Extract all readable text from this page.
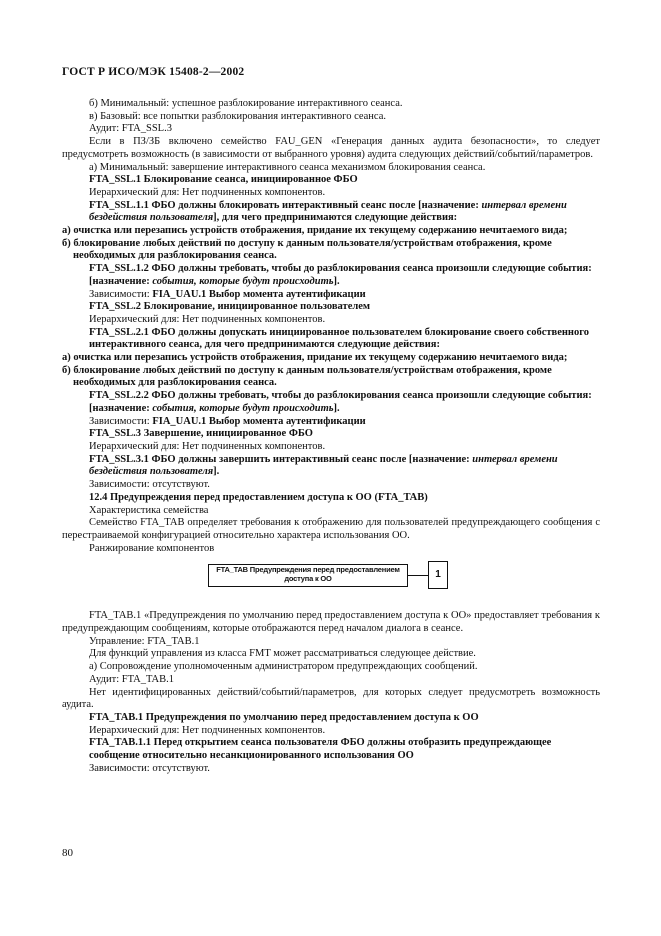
ГОСТ Р ИСО/МЭК 15408-2—2002

б) Минимальный: успешное разблокирование интерактивного сеанса.

в) Базовый: все попытки разблокирования интерактивного сеанса.

Аудит: FTA_SSL.3

Если в ПЗ/ЗБ включено семейство FAU_GEN «Генерация данных аудита безопасности», то следует предусмотреть возможность (в зависимости от выбранного уровня) аудита следующих действий/событий/параметров.

а) Минимальный: завершение интерактивного сеанса механизмом блокирования сеанса.

FTA_SSL.1 Блокирование сеанса, инициированное ФБО

Иерархический для: Нет подчиненных компонентов.

FTA_SSL.1.1 ФБО должны блокировать интерактивный сеанс после [назначение: интервал времени бездействия пользователя], для чего предпринимаются следующие действия:

а) очистка или перезапись устройств отображения, придание их текущему содержанию нечитаемого вида;

б) блокирование любых действий по доступу к данным пользователя/устройствам отображения, кроме необходимых для разблокирования сеанса.

FTA_SSL.1.2 ФБО должны требовать, чтобы до разблокирования сеанса произошли следующие события: [назначение: события, которые будут происходить].

Зависимости: FIA_UAU.1 Выбор момента аутентификации

FTA_SSL.2 Блокирование, инициированное пользователем

Иерархический для: Нет подчиненных компонентов.

FTA_SSL.2.1 ФБО должны допускать инициированное пользователем блокирование своего собственного интерактивного сеанса, для чего предпринимаются следующие действия:

а) очистка или перезапись устройств отображения, придание их текущему содержанию нечитаемого вида;

б) блокирование любых действий по доступу к данным пользователя/устройствам отображения, кроме необходимых для разблокирования сеанса.

FTA_SSL.2.2 ФБО должны требовать, чтобы до разблокирования сеанса произошли следующие события: [назначение: события, которые будут происходить].

Зависимости: FIA_UAU.1 Выбор момента аутентификации

FTA_SSL.3 Завершение, инициированное ФБО

Иерархический для: Нет подчиненных компонентов.

FTA_SSL.3.1 ФБО должны завершить интерактивный сеанс после [назначение: интервал времени бездействия пользователя].

Зависимости: отсутствуют.

12.4 Предупреждения перед предоставлением доступа к ОО (FTA_TAB)

Характеристика семейства

Семейство FTA_TAB определяет требования к отображению для пользователей предупреждающего сообщения с перестраиваемой конфигурацией относительно характера использования ОО.

Ранжирование компонентов

FTA_TAB Предупреждения перед предоставлением доступа к ОО	1

FTA_TAB.1 «Предупреждения по умолчанию перед предоставлением доступа к ОО» предоставляет требования к предупреждающим сообщениям, которые отображаются перед началом диалога в сеансе.

Управление: FTA_TAB.1

Для функций управления из класса FMT может рассматриваться следующее действие.

а) Сопровождение уполномоченным администратором предупреждающих сообщений.

Аудит: FTA_TAB.1

Нет идентифицированных действий/событий/параметров, для которых следует предусмотреть возможность аудита.

FTA_TAB.1 Предупреждения по умолчанию перед предоставлением доступа к ОО

Иерархический для: Нет подчиненных компонентов.

FTA_TAB.1.1 Перед открытием сеанса пользователя ФБО должны отобразить предупреждающее сообщение относительно несанкционированного использования ОО

Зависимости: отсутствуют.

80
